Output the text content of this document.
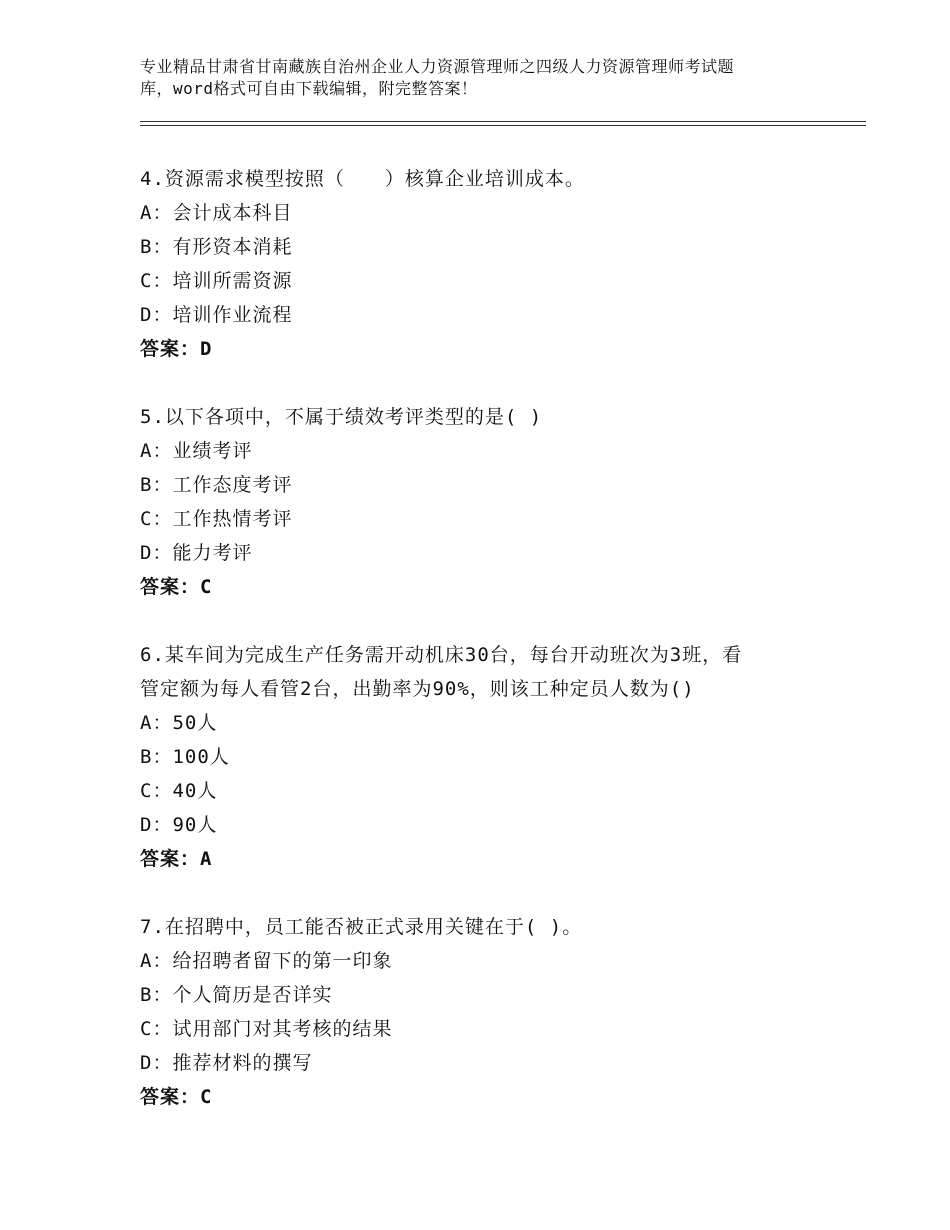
专业精品甘肃省甘南藏族自治州企业人力资源管理师之四级人力资源管理师考试题
库，word格式可自由下载编辑，附完整答案！
4.资源需求模型按照（　　）核算企业培训成本。
A：会计成本科目
B：有形资本消耗
C：培训所需资源
D：培训作业流程
答案：D
5.以下各项中，不属于绩效考评类型的是( )
A：业绩考评
B：工作态度考评
C：工作热情考评
D：能力考评
答案：C
6.某车间为完成生产任务需开动机床30台，每台开动班次为3班，看
管定额为每人看管2台，出勤率为90%，则该工种定员人数为()
A：50人
B：100人
C：40人
D：90人
答案：A
7.在招聘中，员工能否被正式录用关键在于( )。
A：给招聘者留下的第一印象
B：个人简历是否详实
C：试用部门对其考核的结果
D：推荐材料的撰写
答案：C
